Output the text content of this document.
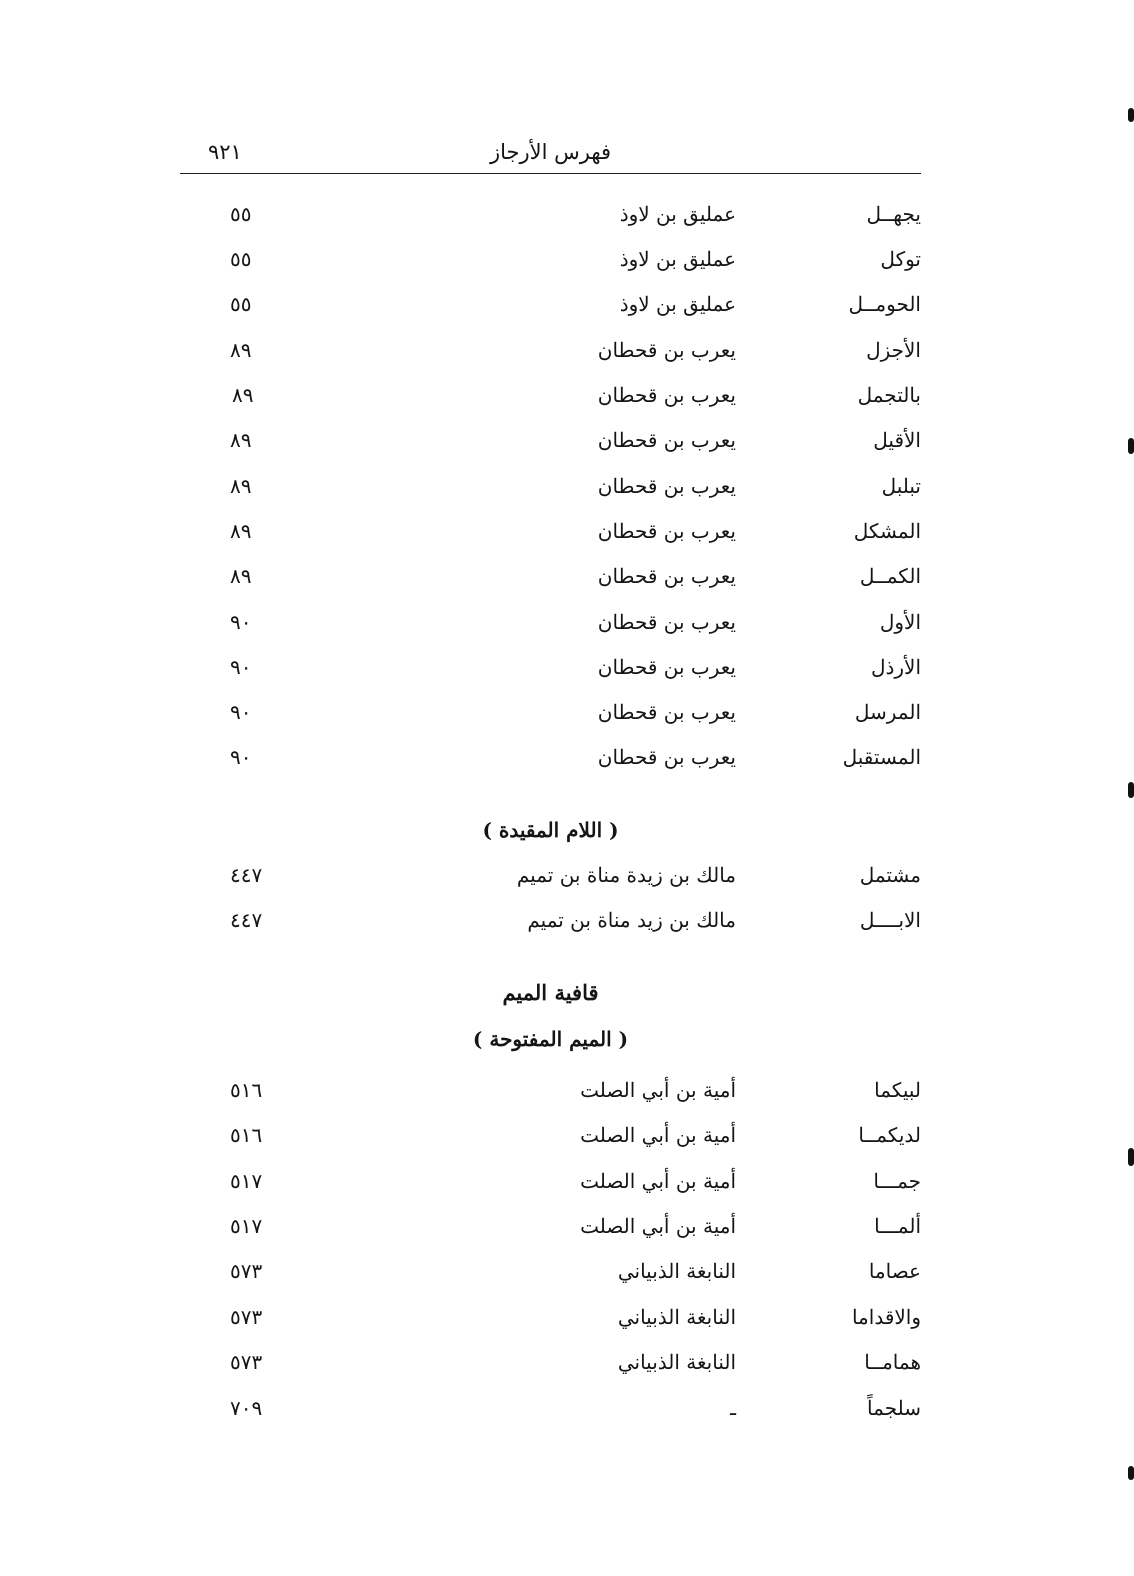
٩٢١	فهرس الأرجاز
يجهــل
عمليق بن لاوذ
٥٥
توكل
عمليق بن لاوذ
٥٥
الحومــل
عمليق بن لاوذ
٥٥
الأجزل
يعرب بن قحطان
٨٩
بالتجمل
يعرب بن قحطان
٨٩
الأقيل
يعرب بن قحطان
٨٩
تبلبل
يعرب بن قحطان
٨٩
المشكل
يعرب بن قحطان
٨٩
الكمــل
يعرب بن قحطان
٨٩
الأول
يعرب بن قحطان
٩٠
الأرذل
يعرب بن قحطان
٩٠
المرسل
يعرب بن قحطان
٩٠
المستقبل
يعرب بن قحطان
٩٠
( اللام المقيدة )
مشتمل
مالك بن زيدة مناة بن تميم
٤٤٧
الابــــل
مالك بن زيد مناة بن تميم
٤٤٧
قافية الميم
( الميم المفتوحة )
لبيكما
أمية بن أبي الصلت
٥١٦
لديكمــا
أمية بن أبي الصلت
٥١٦
جمـــا
أمية بن أبي الصلت
٥١٧
ألمـــا
أمية بن أبي الصلت
٥١٧
عصاما
النابغة الذبياني
٥٧٣
والاقداما
النابغة الذبياني
٥٧٣
همامــا
النابغة الذبياني
٥٧٣
سلجماً
ـ
٧٠٩
